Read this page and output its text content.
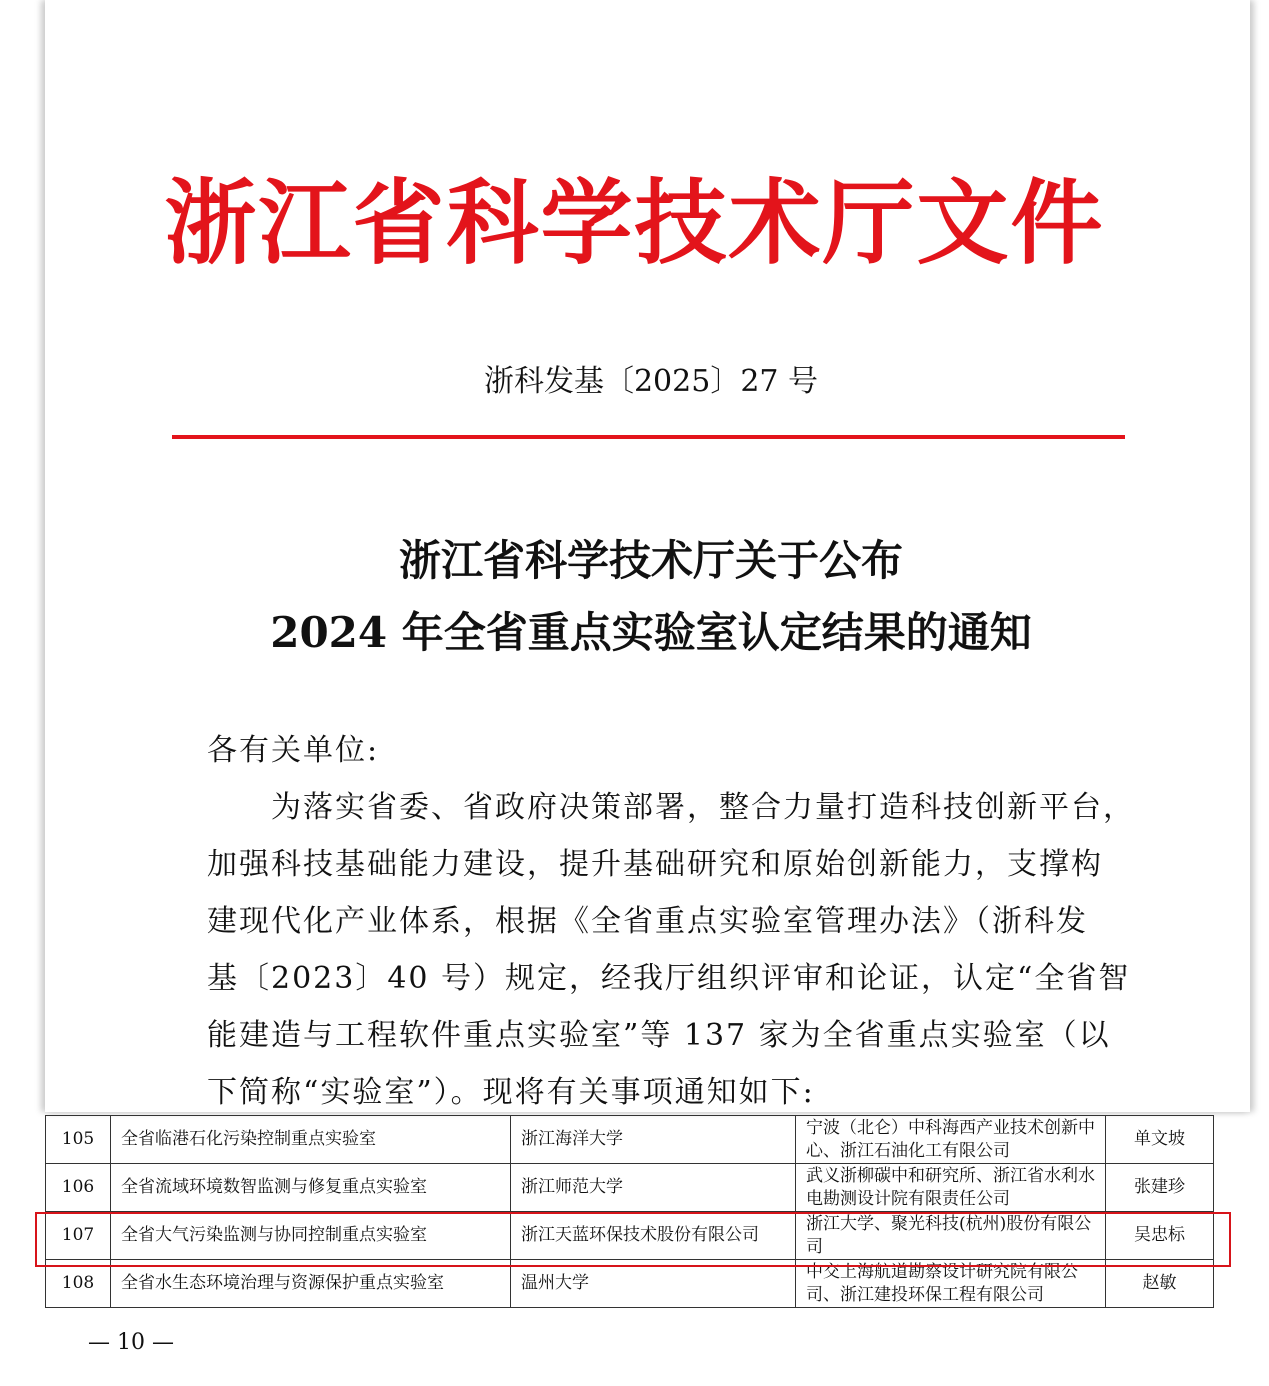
浙江省科学技术厅文件
浙科发基〔2025〕27 号
浙江省科学技术厅关于公布
2024 年全省重点实验室认定结果的通知
各有关单位:
　　为落实省委、省政府决策部署，整合力量打造科技创新平台，
加强科技基础能力建设，提升基础研究和原始创新能力，支撑构
建现代化产业体系，根据《全省重点实验室管理办法》（浙科发
基〔2023〕40 号）规定，经我厅组织评审和论证，认定“全省智
能建造与工程软件重点实验室”等 137 家为全省重点实验室（以
下简称“实验室”）。现将有关事项通知如下:
105	全省临港石化污染控制重点实验室	浙江海洋大学	宁波（北仑）中科海西产业技术创新中心、浙江石油化工有限公司	单文坡
106	全省流域环境数智监测与修复重点实验室	浙江师范大学	武义浙柳碳中和研究所、浙江省水利水电勘测设计院有限责任公司	张建珍
107	全省大气污染监测与协同控制重点实验室	浙江天蓝环保技术股份有限公司	浙江大学、聚光科技(杭州)股份有限公司	吴忠标
108	全省水生态环境治理与资源保护重点实验室	温州大学	中交上海航道勘察设计研究院有限公司、浙江建投环保工程有限公司	赵敏
— 10 —
